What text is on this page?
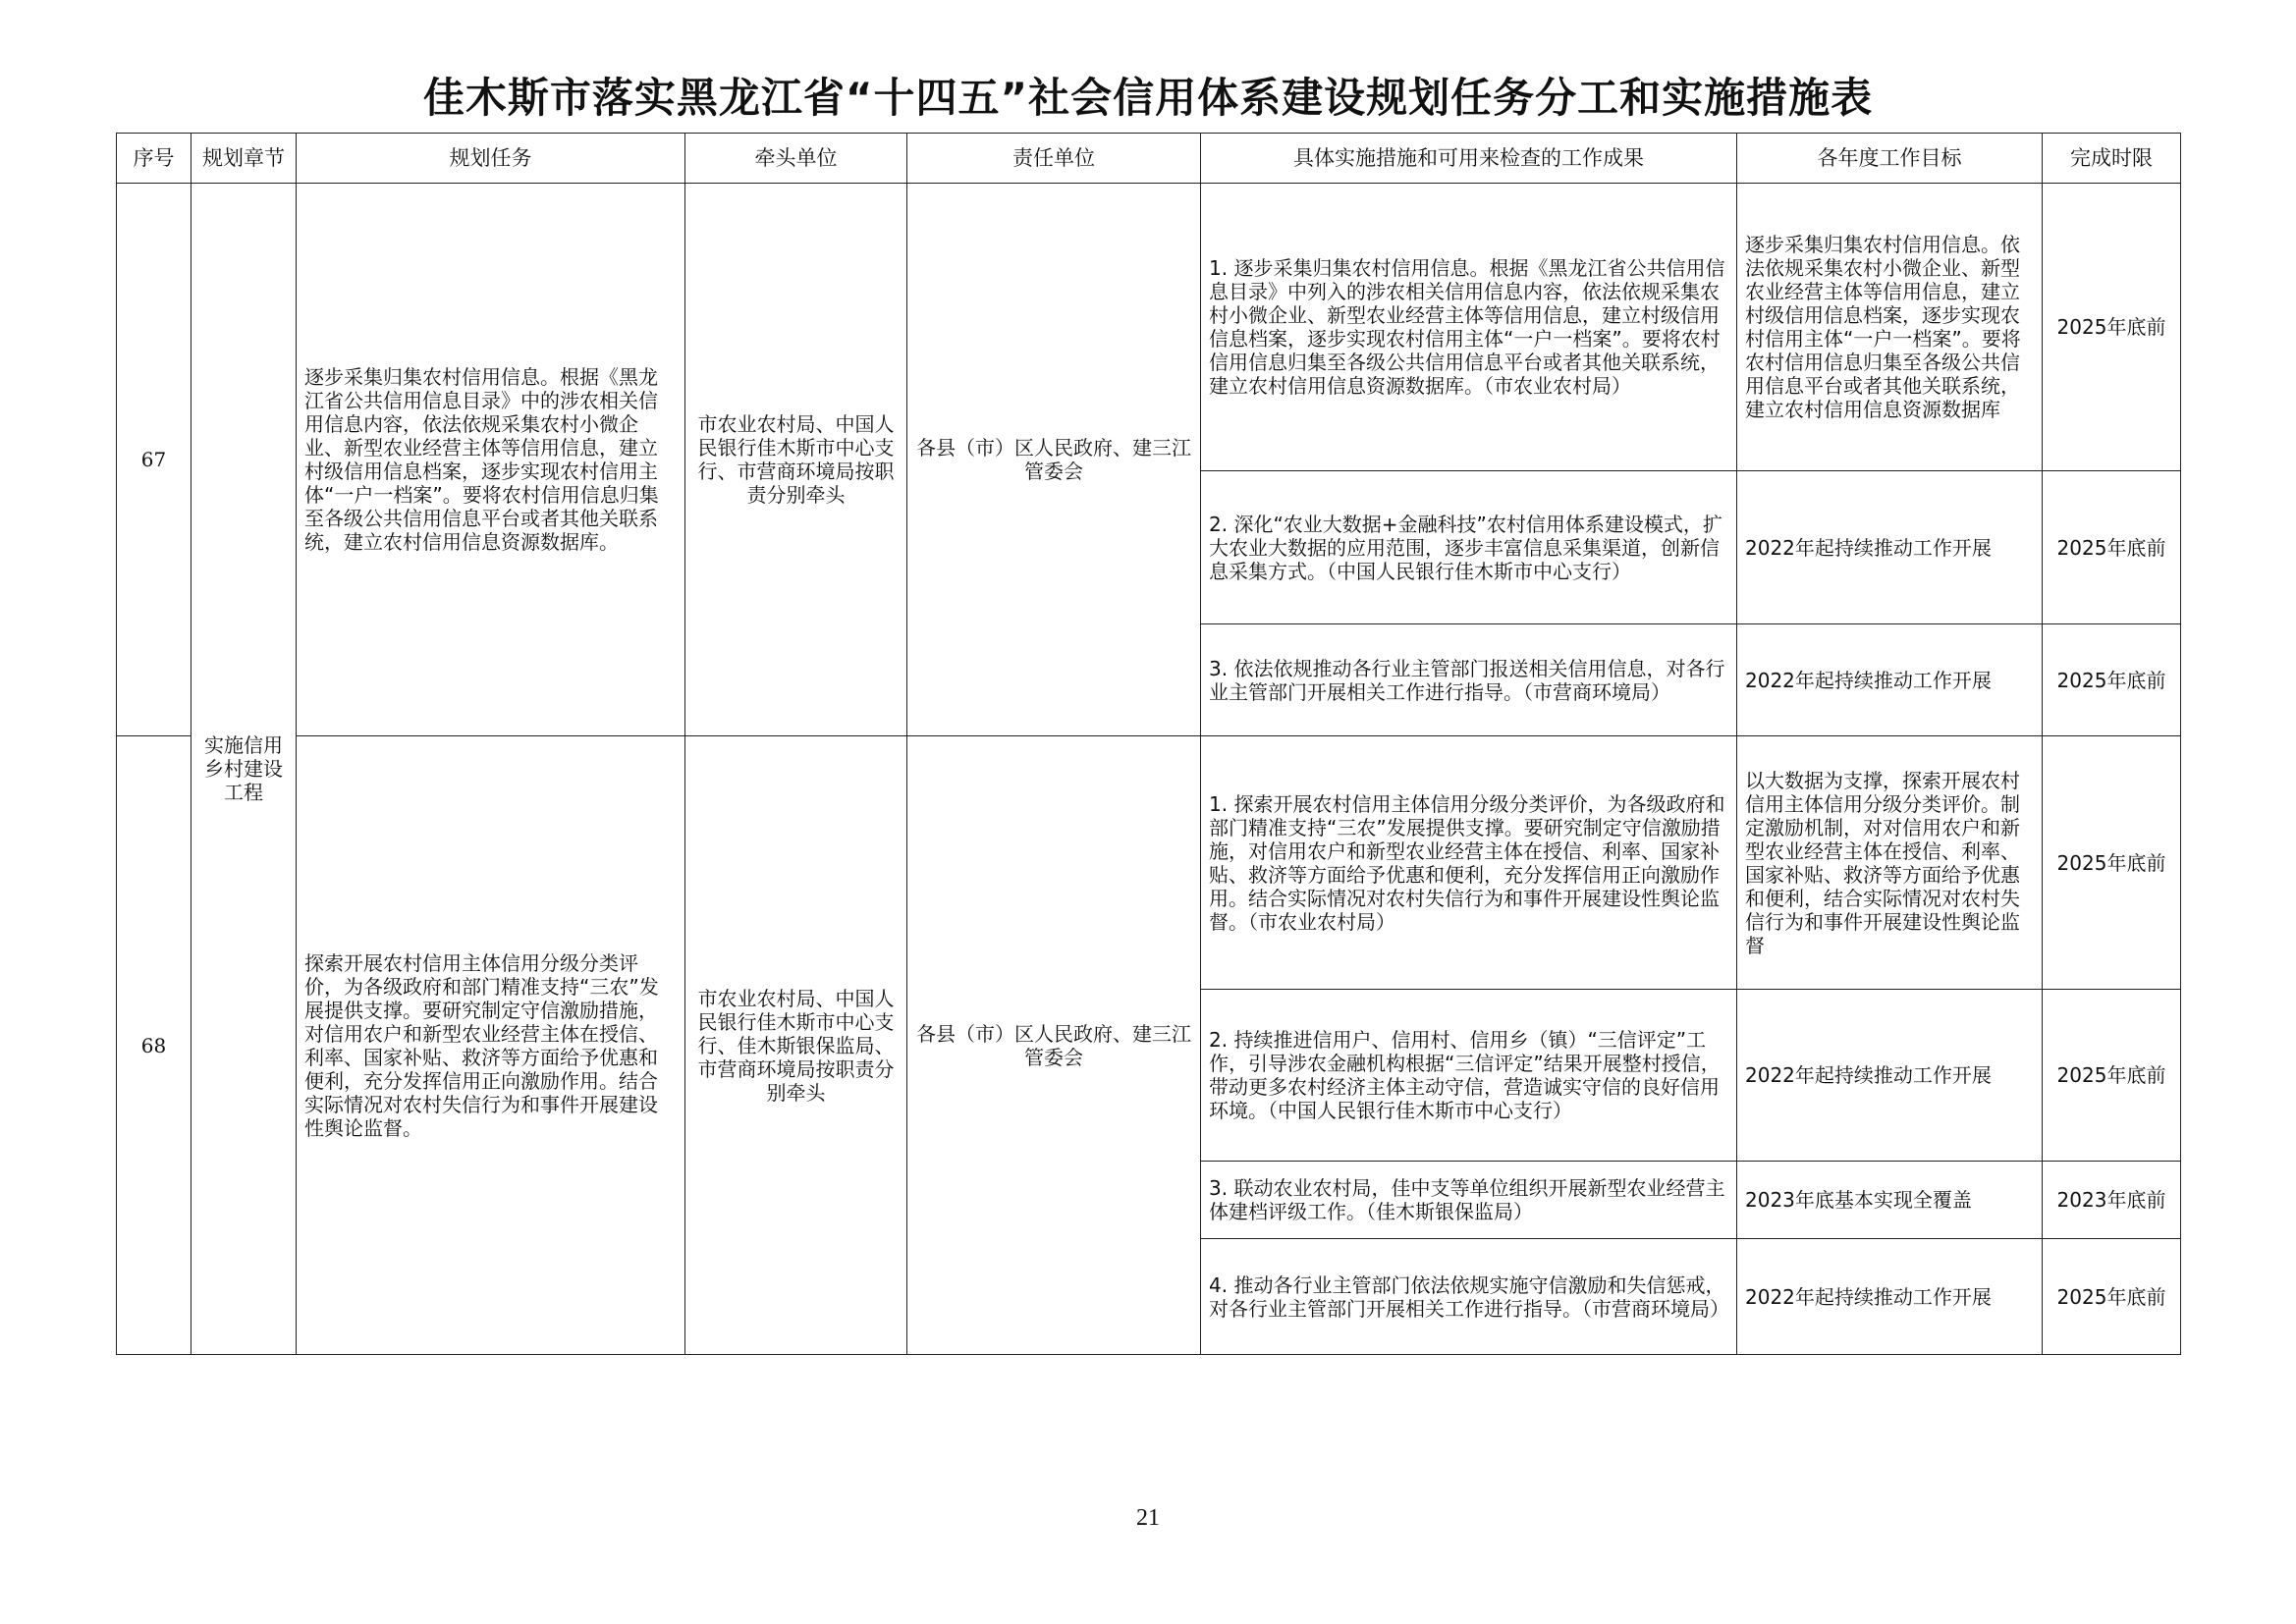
佳木斯市落实黑龙江省“十四五”社会信用体系建设规划任务分工和实施措施表
序号	规划章节	规划任务	牵头单位	责任单位	具体实施措施和可用来检查的工作成果	各年度工作目标	完成时限
67	实施信用乡村建设工程	逐步采集归集农村信用信息。根据《黑龙江省公共信用信息目录》中的涉农相关信用信息内容，依法依规采集农村小微企业、新型农业经营主体等信用信息，建立村级信用信息档案，逐步实现农村信用主体“一户一档案”。要将农村信用信息归集至各级公共信用信息平台或者其他关联系统，建立农村信用信息资源数据库。	市农业农村局、中国人民银行佳木斯市中心支行、市营商环境局按职责分别牵头	各县（市）区人民政府、建三江管委会	1. 逐步采集归集农村信用信息。根据《黑龙江省公共信用信息目录》中列入的涉农相关信用信息内容，依法依规采集农村小微企业、新型农业经营主体等信用信息，建立村级信用信息档案，逐步实现农村信用主体“一户一档案”。要将农村信用信息归集至各级公共信用信息平台或者其他关联系统，建立农村信用信息资源数据库。（市农业农村局）	逐步采集归集农村信用信息。依法依规采集农村小微企业、新型农业经营主体等信用信息，建立村级信用信息档案，逐步实现农村信用主体“一户一档案”。要将农村信用信息归集至各级公共信用信息平台或者其他关联系统，建立农村信用信息资源数据库	2025年底前
					2. 深化“农业大数据+金融科技”农村信用体系建设模式，扩大农业大数据的应用范围，逐步丰富信息采集渠道，创新信息采集方式。（中国人民银行佳木斯市中心支行）	2022年起持续推动工作开展	2025年底前
					3. 依法依规推动各行业主管部门报送相关信用信息，对各行业主管部门开展相关工作进行指导。（市营商环境局）	2022年起持续推动工作开展	2025年底前
68		探索开展农村信用主体信用分级分类评价，为各级政府和部门精准支持“三农”发展提供支撑。要研究制定守信激励措施，对信用农户和新型农业经营主体在授信、利率、国家补贴、救济等方面给予优惠和便利，充分发挥信用正向激励作用。结合实际情况对农村失信行为和事件开展建设性舆论监督。	市农业农村局、中国人民银行佳木斯市中心支行、佳木斯银保监局、市营商环境局按职责分别牵头	各县（市）区人民政府、建三江管委会	1. 探索开展农村信用主体信用分级分类评价，为各级政府和部门精准支持“三农”发展提供支撑。要研究制定守信激励措施，对信用农户和新型农业经营主体在授信、利率、国家补贴、救济等方面给予优惠和便利，充分发挥信用正向激励作用。结合实际情况对农村失信行为和事件开展建设性舆论监督。（市农业农村局）	以大数据为支撑，探索开展农村信用主体信用分级分类评价。制定激励机制，对对信用农户和新型农业经营主体在授信、利率、国家补贴、救济等方面给予优惠和便利，结合实际情况对农村失信行为和事件开展建设性舆论监督	2025年底前
					2. 持续推进信用户、信用村、信用乡（镇）“三信评定”工作，引导涉农金融机构根据“三信评定”结果开展整村授信，带动更多农村经济主体主动守信，营造诚实守信的良好信用环境。（中国人民银行佳木斯市中心支行）	2022年起持续推动工作开展	2025年底前
					3. 联动农业农村局，佳中支等单位组织开展新型农业经营主体建档评级工作。（佳木斯银保监局）	2023年底基本实现全覆盖	2023年底前
					4. 推动各行业主管部门依法依规实施守信激励和失信惩戒，对各行业主管部门开展相关工作进行指导。（市营商环境局）	2022年起持续推动工作开展	2025年底前
21
